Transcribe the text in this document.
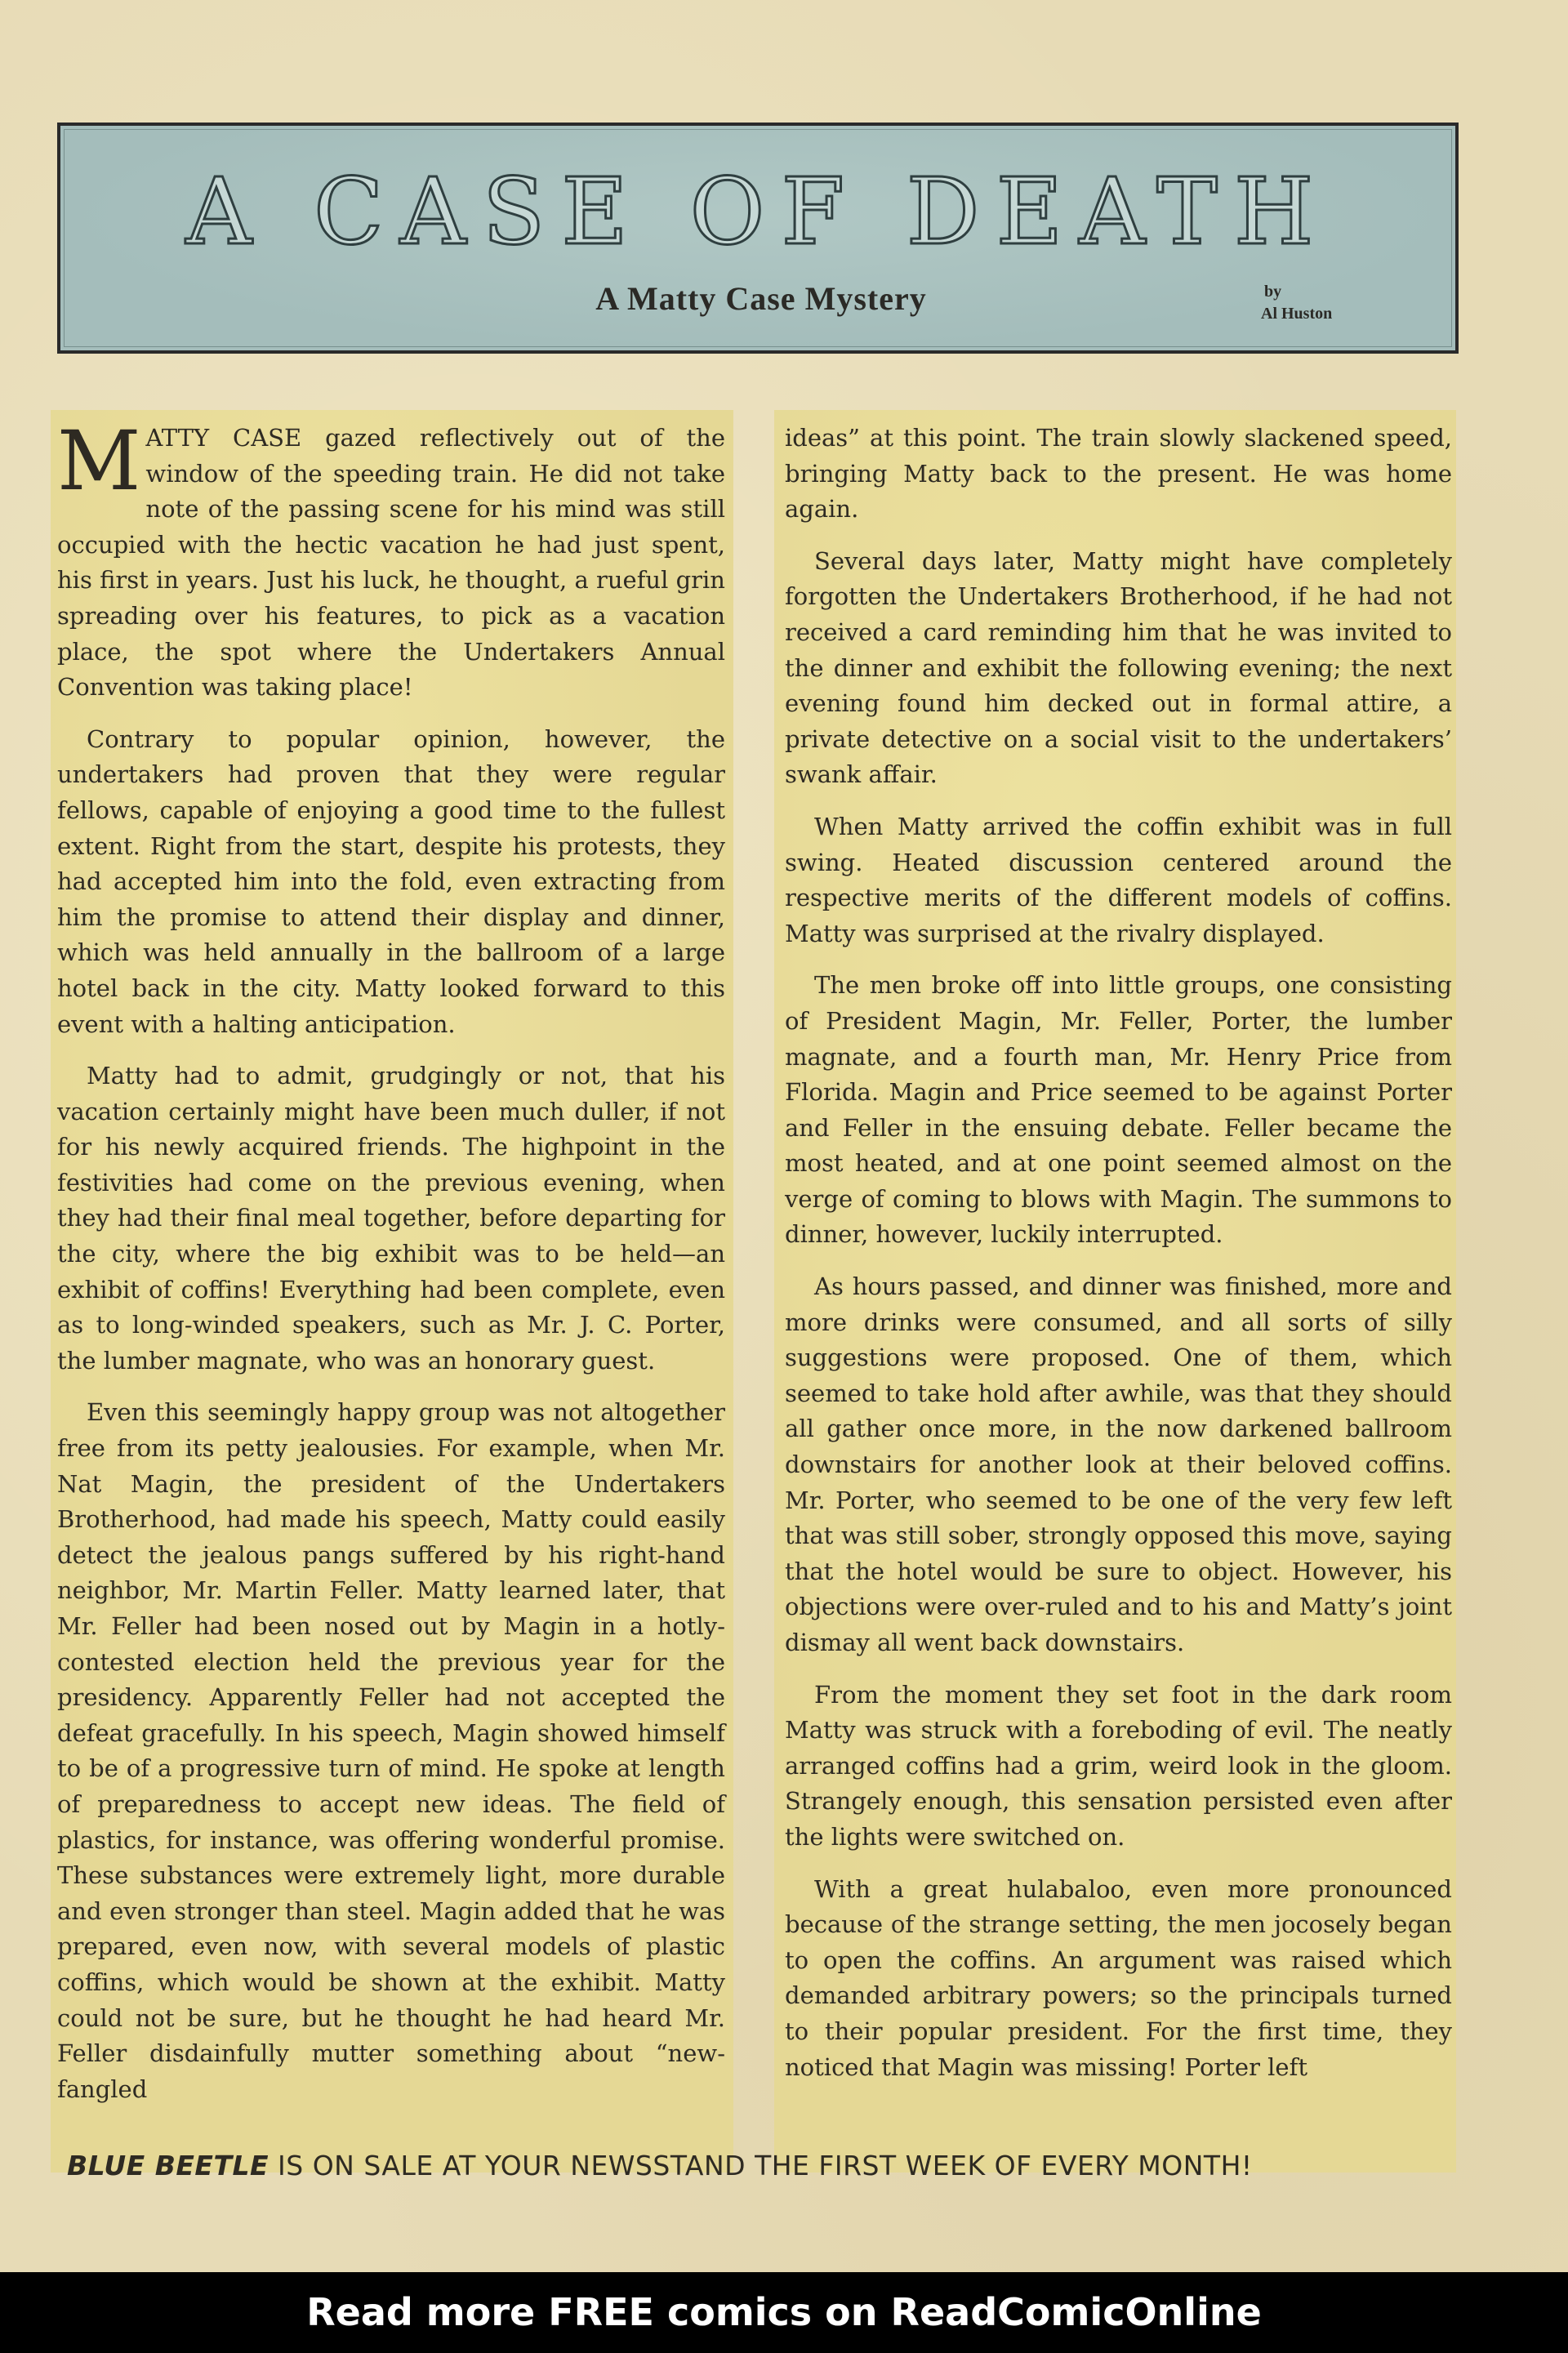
A CASE OF DEATH
A Matty Case Mystery	by
Al Huston

MATTY CASE gazed reflectively out of the window of the speeding train. He did not take note of the passing scene for his mind was still occupied with the hectic vacation he had just spent, his first in years. Just his luck, he thought, a rueful grin spreading over his features, to pick as a vacation place, the spot where the Undertakers Annual Convention was taking place!

Contrary to popular opinion, however, the undertakers had proven that they were regular fellows, capable of enjoying a good time to the fullest extent. Right from the start, despite his protests, they had accepted him into the fold, even extracting from him the promise to attend their display and dinner, which was held annually in the ballroom of a large hotel back in the city. Matty looked forward to this event with a halting anticipation.

Matty had to admit, grudgingly or not, that his vacation certainly might have been much duller, if not for his newly acquired friends. The highpoint in the festivities had come on the previous evening, when they had their final meal together, before departing for the city, where the big exhibit was to be held—an exhibit of coffins! Everything had been complete, even as to long-winded speakers, such as Mr. J. C. Porter, the lumber magnate, who was an honorary guest.

Even this seemingly happy group was not altogether free from its petty jealousies. For example, when Mr. Nat Magin, the president of the Undertakers Brotherhood, had made his speech, Matty could easily detect the jealous pangs suffered by his right-hand neighbor, Mr. Martin Feller. Matty learned later, that Mr. Feller had been nosed out by Magin in a hotly-contested election held the previous year for the presidency. Apparently Feller had not accepted the defeat gracefully. In his speech, Magin showed himself to be of a progressive turn of mind. He spoke at length of preparedness to accept new ideas. The field of plastics, for instance, was offering wonderful promise. These substances were extremely light, more durable and even stronger than steel. Magin added that he was prepared, even now, with several models of plastic coffins, which would be shown at the exhibit. Matty could not be sure, but he thought he had heard Mr. Feller disdainfully mutter something about “new-fangled

ideas” at this point. The train slowly slackened speed, bringing Matty back to the present. He was home again.

Several days later, Matty might have completely forgotten the Undertakers Brotherhood, if he had not received a card reminding him that he was invited to the dinner and exhibit the following evening; the next evening found him decked out in formal attire, a private detective on a social visit to the undertakers’ swank affair.

When Matty arrived the coffin exhibit was in full swing. Heated discussion centered around the respective merits of the different models of coffins. Matty was surprised at the rivalry displayed.

The men broke off into little groups, one consisting of President Magin, Mr. Feller, Porter, the lumber magnate, and a fourth man, Mr. Henry Price from Florida. Magin and Price seemed to be against Porter and Feller in the ensuing debate. Feller became the most heated, and at one point seemed almost on the verge of coming to blows with Magin. The summons to dinner, however, luckily interrupted.

As hours passed, and dinner was finished, more and more drinks were consumed, and all sorts of silly suggestions were proposed. One of them, which seemed to take hold after awhile, was that they should all gather once more, in the now darkened ballroom downstairs for another look at their beloved coffins. Mr. Porter, who seemed to be one of the very few left that was still sober, strongly opposed this move, saying that the hotel would be sure to object. However, his objections were over-ruled and to his and Matty’s joint dismay all went back downstairs.

From the moment they set foot in the dark room Matty was struck with a foreboding of evil. The neatly arranged coffins had a grim, weird look in the gloom. Strangely enough, this sensation persisted even after the lights were switched on.

With a great hulabaloo, even more pronounced because of the strange setting, the men jocosely began to open the coffins. An argument was raised which demanded arbitrary powers; so the principals turned to their popular president. For the first time, they noticed that Magin was missing! Porter left

BLUE BEETLE IS ON SALE AT YOUR NEWSSTAND THE FIRST WEEK OF EVERY MONTH!
Read more FREE comics on ReadComicOnline
